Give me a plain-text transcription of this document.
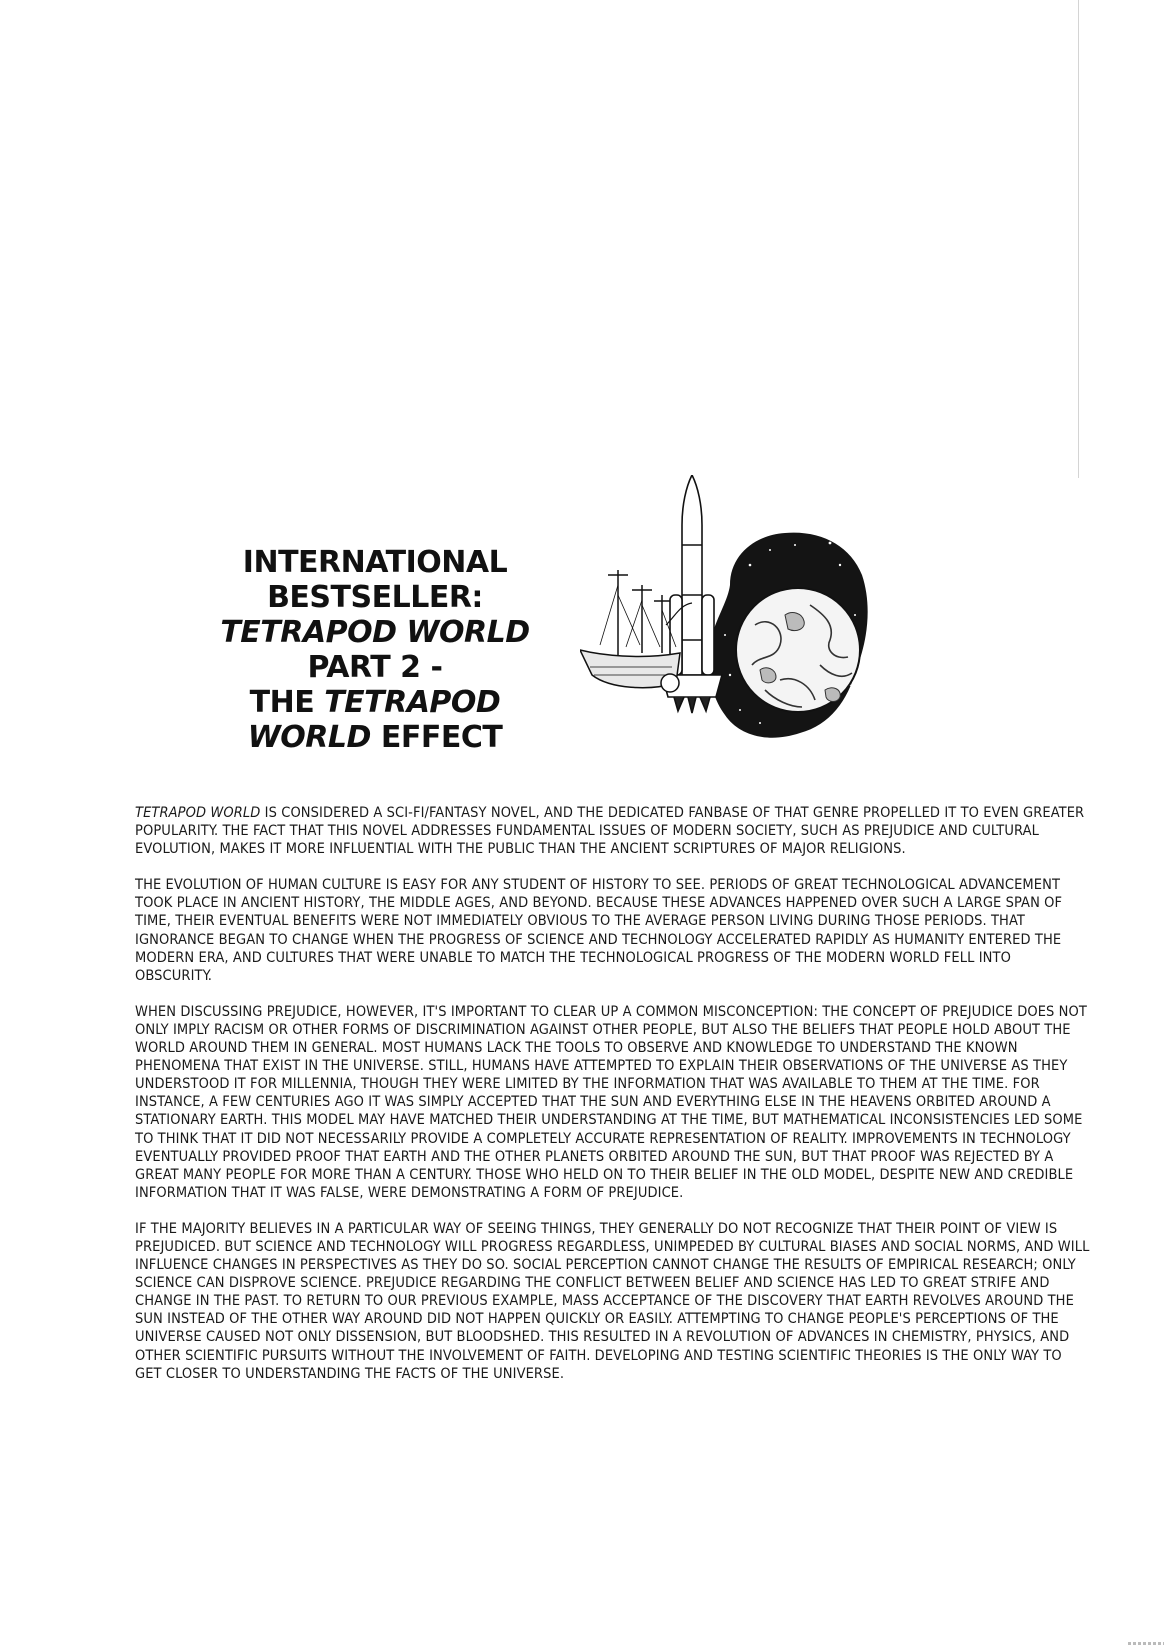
INTERNATIONAL
BESTSELLER:
TETRAPOD WORLD
PART 2 -
THE TETRAPOD
WORLD EFFECT

TETRAPOD WORLD IS CONSIDERED A SCI-FI/FANTASY NOVEL, AND THE DEDICATED FANBASE OF THAT GENRE PROPELLED IT TO EVEN GREATER POPULARITY. THE FACT THAT THIS NOVEL ADDRESSES FUNDAMENTAL ISSUES OF MODERN SOCIETY, SUCH AS PREJUDICE AND CULTURAL EVOLUTION, MAKES IT MORE INFLUENTIAL WITH THE PUBLIC THAN THE ANCIENT SCRIPTURES OF MAJOR RELIGIONS.

THE EVOLUTION OF HUMAN CULTURE IS EASY FOR ANY STUDENT OF HISTORY TO SEE. PERIODS OF GREAT TECHNOLOGICAL ADVANCEMENT TOOK PLACE IN ANCIENT HISTORY, THE MIDDLE AGES, AND BEYOND. BECAUSE THESE ADVANCES HAPPENED OVER SUCH A LARGE SPAN OF TIME, THEIR EVENTUAL BENEFITS WERE NOT IMMEDIATELY OBVIOUS TO THE AVERAGE PERSON LIVING DURING THOSE PERIODS. THAT IGNORANCE BEGAN TO CHANGE WHEN THE PROGRESS OF SCIENCE AND TECHNOLOGY ACCELERATED RAPIDLY AS HUMANITY ENTERED THE MODERN ERA, AND CULTURES THAT WERE UNABLE TO MATCH THE TECHNOLOGICAL PROGRESS OF THE MODERN WORLD FELL INTO OBSCURITY.

WHEN DISCUSSING PREJUDICE, HOWEVER, IT'S IMPORTANT TO CLEAR UP A COMMON MISCONCEPTION: THE CONCEPT OF PREJUDICE DOES NOT ONLY IMPLY RACISM OR OTHER FORMS OF DISCRIMINATION AGAINST OTHER PEOPLE, BUT ALSO THE BELIEFS THAT PEOPLE HOLD ABOUT THE WORLD AROUND THEM IN GENERAL. MOST HUMANS LACK THE TOOLS TO OBSERVE AND KNOWLEDGE TO UNDERSTAND THE KNOWN PHENOMENA THAT EXIST IN THE UNIVERSE. STILL, HUMANS HAVE ATTEMPTED TO EXPLAIN THEIR OBSERVATIONS OF THE UNIVERSE AS THEY UNDERSTOOD IT FOR MILLENNIA, THOUGH THEY WERE LIMITED BY THE INFORMATION THAT WAS AVAILABLE TO THEM AT THE TIME. FOR INSTANCE, A FEW CENTURIES AGO IT WAS SIMPLY ACCEPTED THAT THE SUN AND EVERYTHING ELSE IN THE HEAVENS ORBITED AROUND A STATIONARY EARTH. THIS MODEL MAY HAVE MATCHED THEIR UNDERSTANDING AT THE TIME, BUT MATHEMATICAL INCONSISTENCIES LED SOME TO THINK THAT IT DID NOT NECESSARILY PROVIDE A COMPLETELY ACCURATE REPRESENTATION OF REALITY. IMPROVEMENTS IN TECHNOLOGY EVENTUALLY PROVIDED PROOF THAT EARTH AND THE OTHER PLANETS ORBITED AROUND THE SUN, BUT THAT PROOF WAS REJECTED BY A GREAT MANY PEOPLE FOR MORE THAN A CENTURY. THOSE WHO HELD ON TO THEIR BELIEF IN THE OLD MODEL, DESPITE NEW AND CREDIBLE INFORMATION THAT IT WAS FALSE, WERE DEMONSTRATING A FORM OF PREJUDICE.

IF THE MAJORITY BELIEVES IN A PARTICULAR WAY OF SEEING THINGS, THEY GENERALLY DO NOT RECOGNIZE THAT THEIR POINT OF VIEW IS PREJUDICED. BUT SCIENCE AND TECHNOLOGY WILL PROGRESS REGARDLESS, UNIMPEDED BY CULTURAL BIASES AND SOCIAL NORMS, AND WILL INFLUENCE CHANGES IN PERSPECTIVES AS THEY DO SO. SOCIAL PERCEPTION CANNOT CHANGE THE RESULTS OF EMPIRICAL RESEARCH; ONLY SCIENCE CAN DISPROVE SCIENCE. PREJUDICE REGARDING THE CONFLICT BETWEEN BELIEF AND SCIENCE HAS LED TO GREAT STRIFE AND CHANGE IN THE PAST. TO RETURN TO OUR PREVIOUS EXAMPLE, MASS ACCEPTANCE OF THE DISCOVERY THAT EARTH REVOLVES AROUND THE SUN INSTEAD OF THE OTHER WAY AROUND DID NOT HAPPEN QUICKLY OR EASILY. ATTEMPTING TO CHANGE PEOPLE'S PERCEPTIONS OF THE UNIVERSE CAUSED NOT ONLY DISSENSION, BUT BLOODSHED. THIS RESULTED IN A REVOLUTION OF ADVANCES IN CHEMISTRY, PHYSICS, AND OTHER SCIENTIFIC PURSUITS WITHOUT THE INVOLVEMENT OF FAITH. DEVELOPING AND TESTING SCIENTIFIC THEORIES IS THE ONLY WAY TO GET CLOSER TO UNDERSTANDING THE FACTS OF THE UNIVERSE.
